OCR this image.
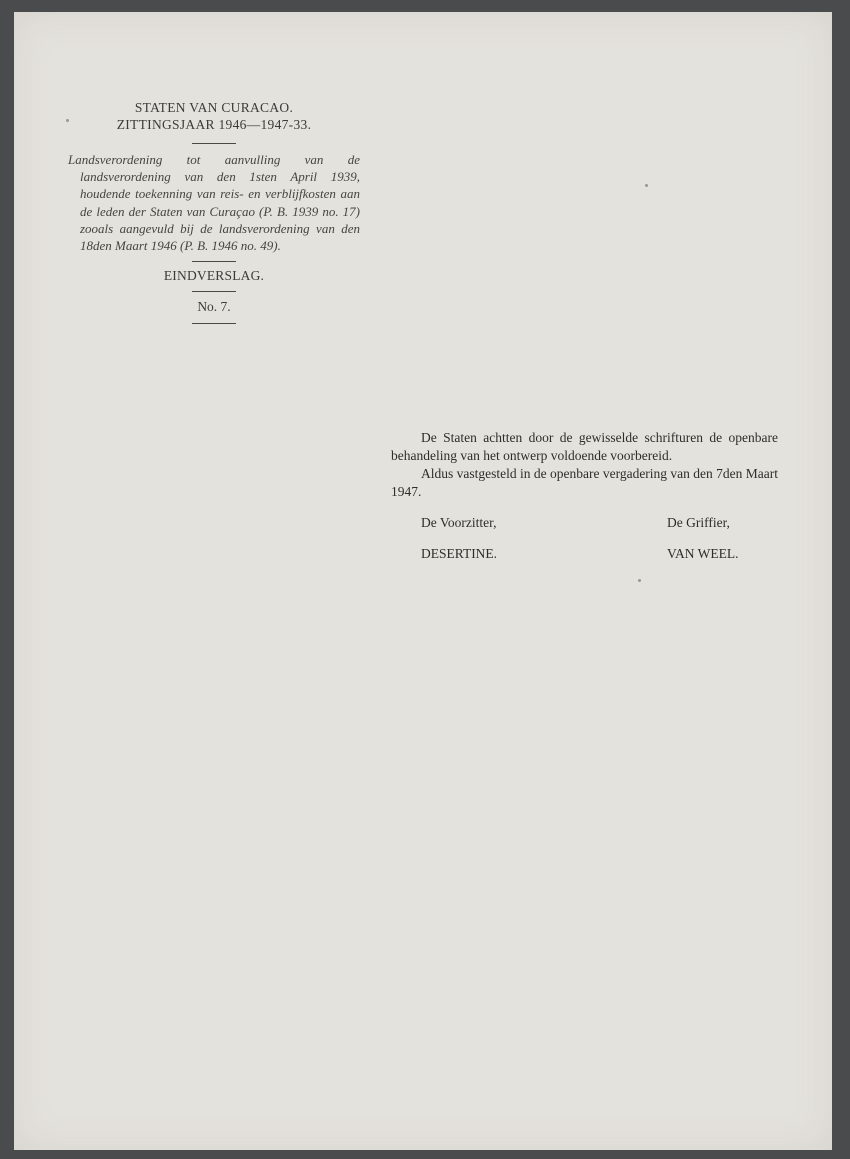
STATEN VAN CURACAO.
ZITTINGSJAAR 1946—1947-33.
Landsverordening tot aanvulling van de landsverordening van den 1sten April 1939, houdende toekenning van reis- en verblijfkosten aan de leden der Staten van Curaçao (P. B. 1939 no. 17) zooals aangevuld bij de landsverordening van den 18den Maart 1946 (P. B. 1946 no. 49).
EINDVERSLAG.
No. 7.

De Staten achtten door de gewisselde schrifturen de openbare behandeling van het ontwerp voldoende voorbereid.

Aldus vastgesteld in de openbare vergadering van den 7den Maart 1947.

De Voorzitter,	De Griffier,
DESERTINE.	VAN WEEL.
